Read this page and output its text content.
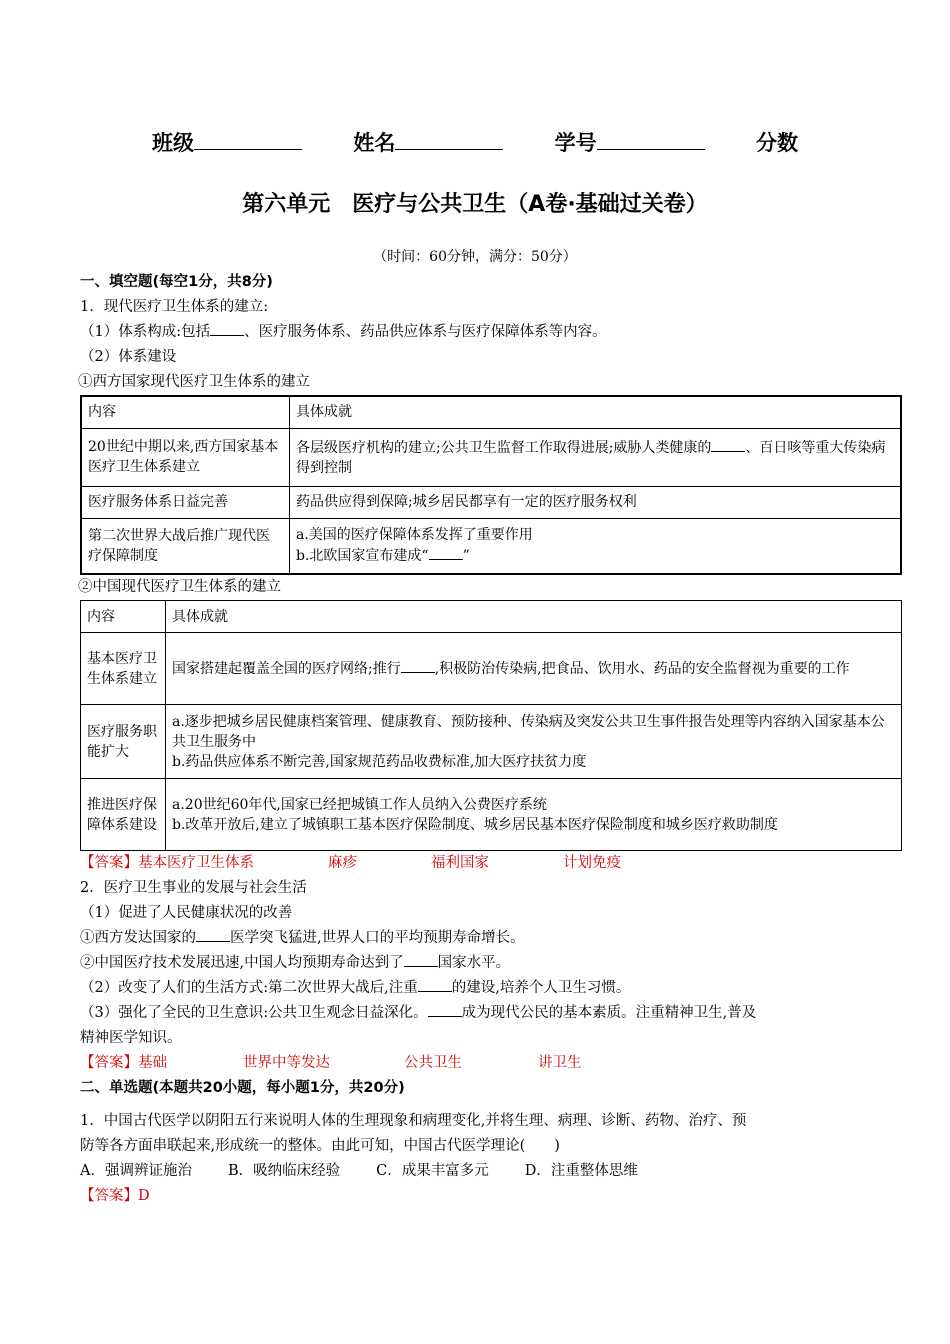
班级	姓名	学号	分数
第六单元　医疗与公共卫生（A卷·基础过关卷）
（时间：60分钟，满分：50分）
一、填空题(每空1分，共8分)
1．现代医疗卫生体系的建立:
（1）体系构成:包括 、医疗服务体系、药品供应体系与医疗保障体系等内容。
（2）体系建设
①西方国家现代医疗卫生体系的建立
内容	具体成就
20世纪中期以来,西方国家基本医疗卫生体系建立	各层级医疗机构的建立;公共卫生监督工作取得进展;威胁人类健康的 、百日咳等重大传染病得到控制
医疗服务体系日益完善	药品供应得到保障;城乡居民都享有一定的医疗服务权利
第二次世界大战后推广现代医疗保障制度	a.美国的医疗保障体系发挥了重要作用
b.北欧国家宣布建成“ ”
②中国现代医疗卫生体系的建立
内容	具体成就
基本医疗卫生体系建立	国家搭建起覆盖全国的医疗网络;推行 ,积极防治传染病,把食品、饮用水、药品的安全监督视为重要的工作
医疗服务职能扩大	a.逐步把城乡居民健康档案管理、健康教育、预防接种、传染病及突发公共卫生事件报告处理等内容纳入国家基本公共卫生服务中
b.药品供应体系不断完善,国家规范药品收费标准,加大医疗扶贫力度

推进医疗保障体系建设	a.20世纪60年代,国家已经把城镇工作人员纳入公费医疗系统
b.改革开放后,建立了城镇职工基本医疗保险制度、城乡居民基本医疗保险制度和城乡医疗救助制度
【答案】基本医疗卫生体系	麻疹	福利国家	计划免疫
2．医疗卫生事业的发展与社会生活
（1）促进了人民健康状况的改善
①西方发达国家的 医学突飞猛进,世界人口的平均预期寿命增长。
②中国医疗技术发展迅速,中国人均预期寿命达到了 国家水平。
（2）改变了人们的生活方式:第二次世界大战后,注重 的建设,培养个人卫生习惯。
（3）强化了全民的卫生意识:公共卫生观念日益深化。 成为现代公民的基本素质。注重精神卫生,普及
精神医学知识。
【答案】基础	世界中等发达	公共卫生	讲卫生
二、单选题(本题共20小题，每小题1分，共20分)
1．中国古代医学以阴阳五行来说明人体的生理现象和病理变化,并将生理、病理、诊断、药物、治疗、预
防等各方面串联起来,形成统一的整体。由此可知，中国古代医学理论(　　)
A．强调辨证施治 B．吸纳临床经验 C．成果丰富多元 D．注重整体思维
【答案】D
